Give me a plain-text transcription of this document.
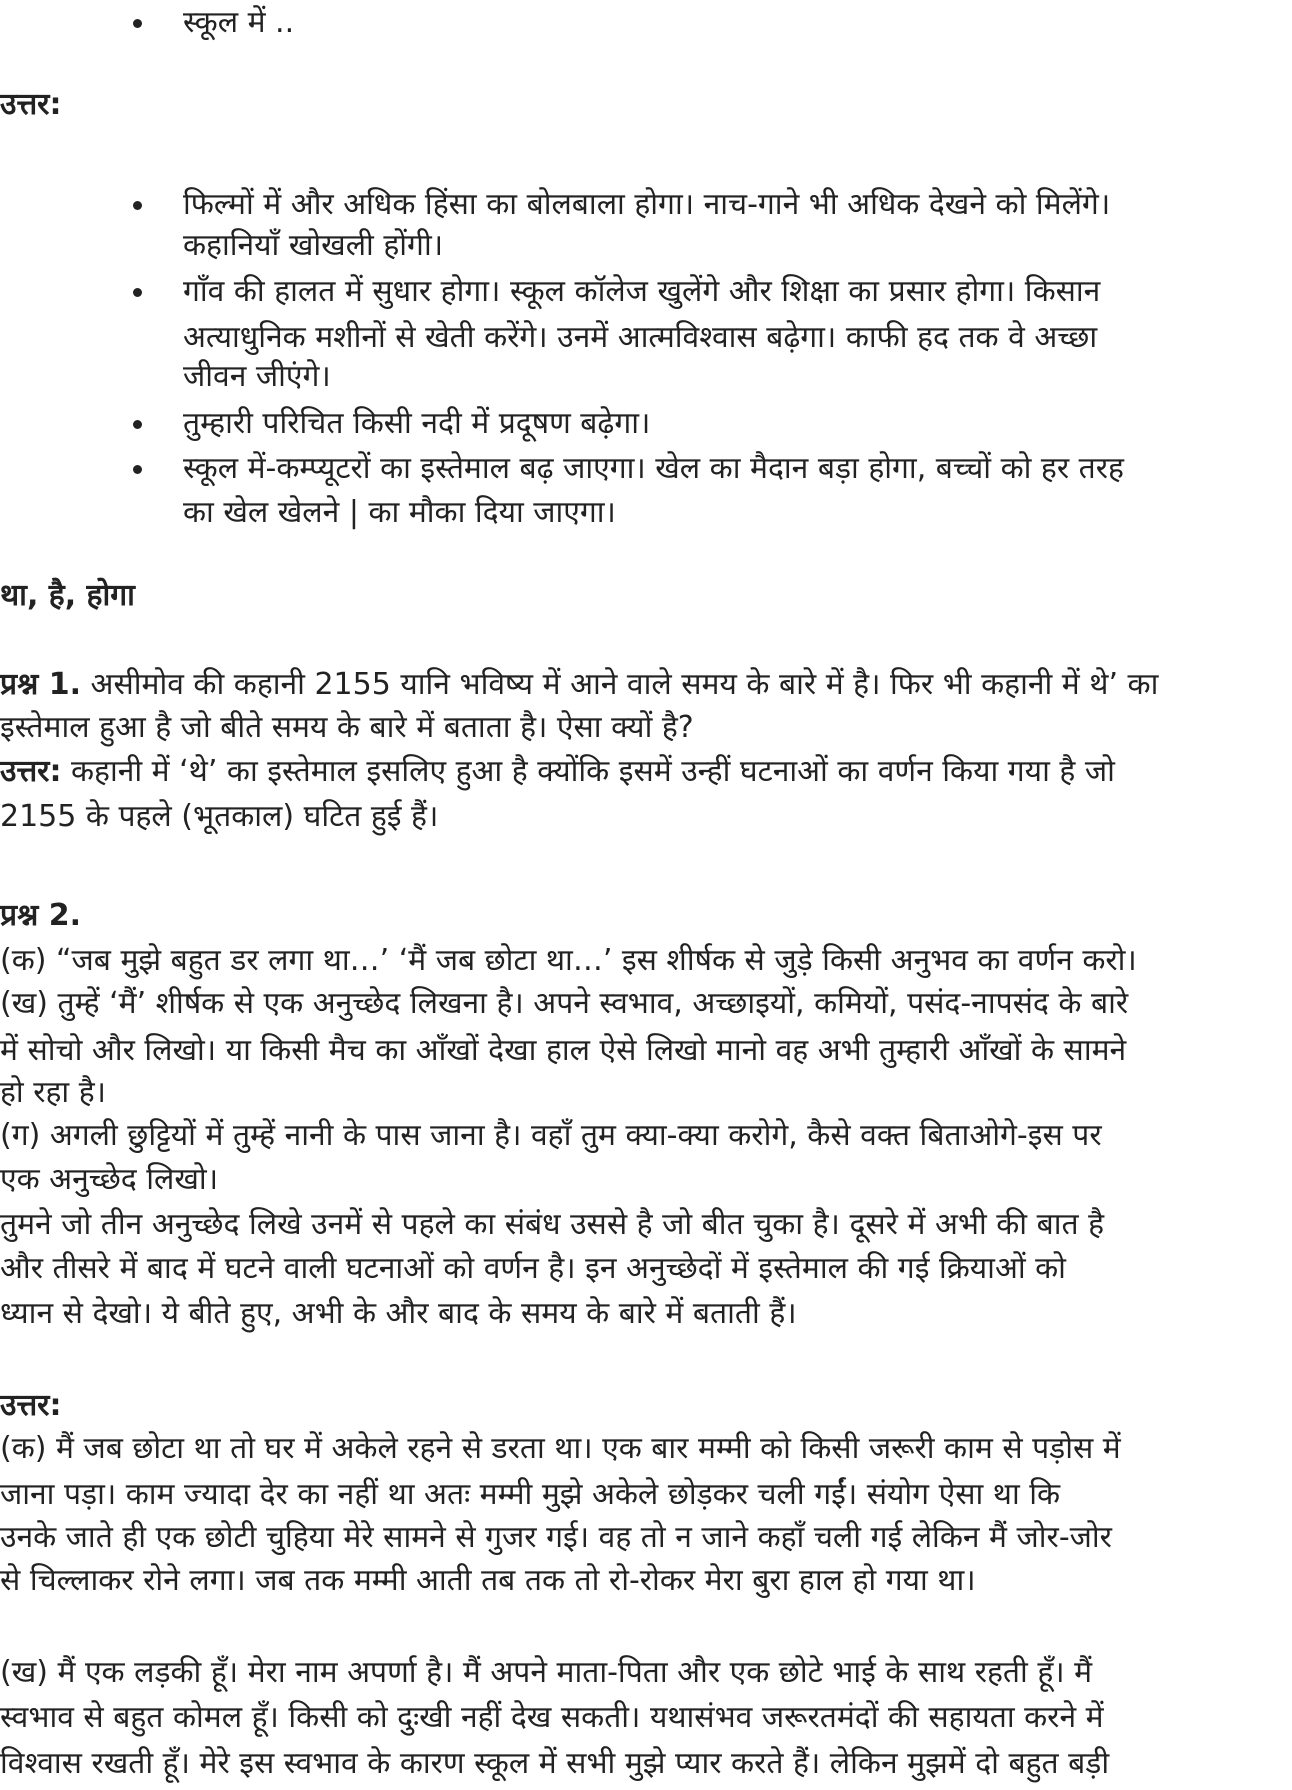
स्कूल में ..
उत्तर:
फिल्मों में और अधिक हिंसा का बोलबाला होगा। नाच-गाने भी अधिक देखने को मिलेंगे।
कहानियाँ खोखली होंगी।
गाँव की हालत में सुधार होगा। स्कूल कॉलेज खुलेंगे और शिक्षा का प्रसार होगा। किसान
अत्याधुनिक मशीनों से खेती करेंगे। उनमें आत्मविश्वास बढ़ेगा। काफी हद तक वे अच्छा
जीवन जीएंगे।
तुम्हारी परिचित किसी नदी में प्रदूषण बढ़ेगा।
स्कूल में-कम्प्यूटरों का इस्तेमाल बढ़ जाएगा। खेल का मैदान बड़ा होगा, बच्चों को हर तरह
का खेल खेलने | का मौका दिया जाएगा।
था, है, होगा
प्रश्न 1. असीमोव की कहानी 2155 यानि भविष्य में आने वाले समय के बारे में है। फिर भी कहानी में थे’ का
इस्तेमाल हुआ है जो बीते समय के बारे में बताता है। ऐसा क्यों है?
उत्तर: कहानी में ‘थे’ का इस्तेमाल इसलिए हुआ है क्योंकि इसमें उन्हीं घटनाओं का वर्णन किया गया है जो
2155 के पहले (भूतकाल) घटित हुई हैं।
प्रश्न 2.
(क) “जब मुझे बहुत डर लगा था…’ ‘मैं जब छोटा था…’ इस शीर्षक से जुड़े किसी अनुभव का वर्णन करो।
(ख) तुम्हें ‘मैं’ शीर्षक से एक अनुच्छेद लिखना है। अपने स्वभाव, अच्छाइयों, कमियों, पसंद-नापसंद के बारे
में सोचो और लिखो। या किसी मैच का आँखों देखा हाल ऐसे लिखो मानो वह अभी तुम्हारी आँखों के सामने
हो रहा है।
(ग) अगली छुट्टियों में तुम्हें नानी के पास जाना है। वहाँ तुम क्या-क्या करोगे, कैसे वक्त बिताओगे-इस पर
एक अनुच्छेद लिखो।
तुमने जो तीन अनुच्छेद लिखे उनमें से पहले का संबंध उससे है जो बीत चुका है। दूसरे में अभी की बात है
और तीसरे में बाद में घटने वाली घटनाओं को वर्णन है। इन अनुच्छेदों में इस्तेमाल की गई क्रियाओं को
ध्यान से देखो। ये बीते हुए, अभी के और बाद के समय के बारे में बताती हैं।
उत्तर:
(क) मैं जब छोटा था तो घर में अकेले रहने से डरता था। एक बार मम्मी को किसी जरूरी काम से पड़ोस में
जाना पड़ा। काम ज्यादा देर का नहीं था अतः मम्मी मुझे अकेले छोड़कर चली गईं। संयोग ऐसा था कि
उनके जाते ही एक छोटी चुहिया मेरे सामने से गुजर गई। वह तो न जाने कहाँ चली गई लेकिन मैं जोर-जोर
से चिल्लाकर रोने लगा। जब तक मम्मी आती तब तक तो रो-रोकर मेरा बुरा हाल हो गया था।
(ख) मैं एक लड़की हूँ। मेरा नाम अपर्णा है। मैं अपने माता-पिता और एक छोटे भाई के साथ रहती हूँ। मैं
स्वभाव से बहुत कोमल हूँ। किसी को दुःखी नहीं देख सकती। यथासंभव जरूरतमंदों की सहायता करने में
विश्वास रखती हूँ। मेरे इस स्वभाव के कारण स्कूल में सभी मुझे प्यार करते हैं। लेकिन मुझमें दो बहुत बड़ी
